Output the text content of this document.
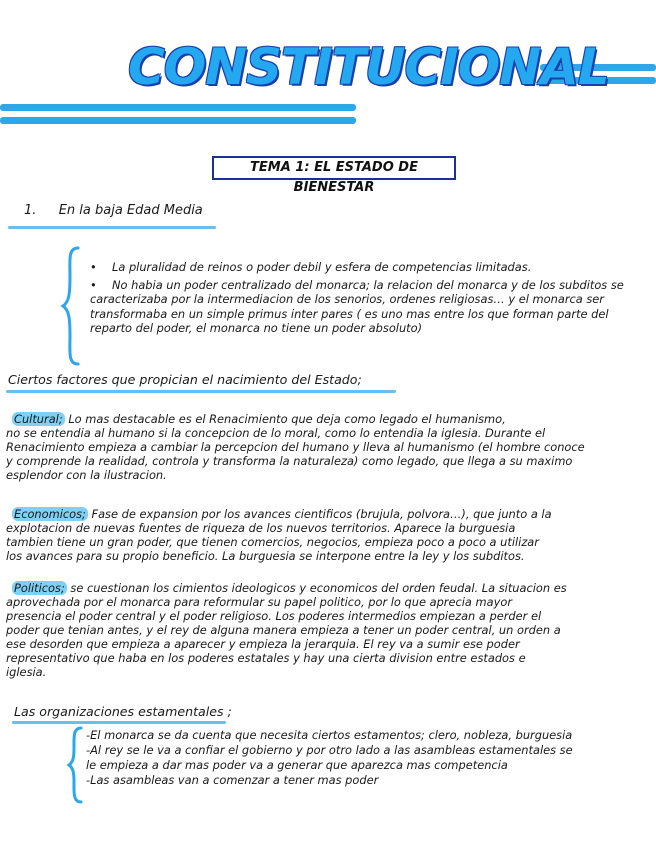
CONSTITUCIONAL
TEMA 1: EL ESTADO DE BIENESTAR
1. En la baja Edad Media

• La pluralidad de reinos o poder debil y esfera de competencias limitadas.

• No habia un poder centralizado del monarca; la relacion del monarca y de los subditos se caracterizaba por la intermediacion de los senorios, ordenes religiosas… y el monarca ser transformaba en un simple primus inter pares ( es uno mas entre los que forman parte del reparto del poder, el monarca no tiene un poder absoluto)

Ciertos factores que propician el nacimiento del Estado;
Cultural; Lo mas destacable es el Renacimiento que deja como legado el humanismo,
no se entendia al humano si la concepcion de lo moral, como lo entendia la iglesia. Durante el
Renacimiento empieza a cambiar la percepcion del humano y lleva al humanismo (el hombre conoce
y comprende la realidad, controla y transforma la naturaleza) como legado, que llega a su maximo
esplendor con la ilustracion.
Economicos; Fase de expansion por los avances cientificos (brujula, polvora…), que junto a la
explotacion de nuevas fuentes de riqueza de los nuevos territorios. Aparece la burguesia
tambien tiene un gran poder, que tienen comercios, negocios, empieza poco a poco a utilizar
los avances para su propio beneficio. La burguesia se interpone entre la ley y los subditos.
Politicos; se cuestionan los cimientos ideologicos y economicos del orden feudal. La situacion es
aprovechada por el monarca para reformular su papel politico, por lo que aprecia mayor
presencia el poder central y el poder religioso. Los poderes intermedios empiezan a perder el
poder que tenian antes, y el rey de alguna manera empieza a tener un poder central, un orden a
ese desorden que empieza a aparecer y empieza la jerarquia. El rey va a sumir ese poder
representativo que haba en los poderes estatales y hay una cierta division entre estados e
iglesia.
Las organizaciones estamentales ;
-El monarca se da cuenta que necesita ciertos estamentos; clero, nobleza, burguesia
-Al rey se le va a confiar el gobierno y por otro lado a las asambleas estamentales se
le empieza a dar mas poder va a generar que aparezca mas competencia
-Las asambleas van a comenzar a tener mas poder
